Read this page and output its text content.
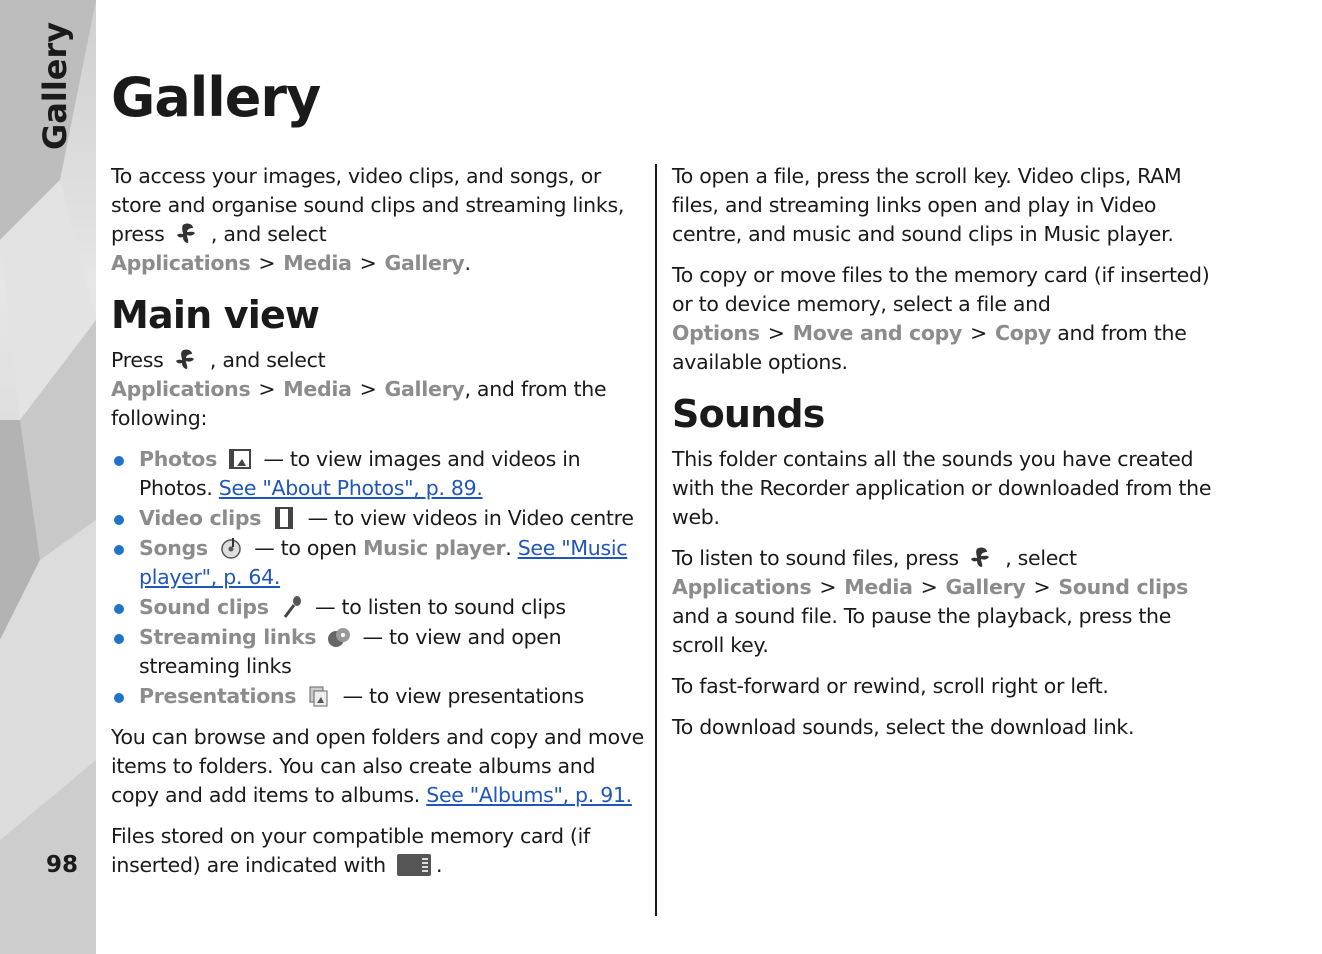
Gallery
98
Gallery

To access your images, video clips, and songs, or store and organise sound clips and streaming links, press , and select Applications > Media > Gallery.

Main view

Press , and select Applications > Media > Gallery, and from the following:

Photos — to view images and videos in Photos. See "About Photos", p. 89.
Video clips — to view videos in Video centre
Songs — to open Music player. See "Music player", p. 64.
Sound clips — to listen to sound clips
Streaming links — to view and open streaming links
Presentations — to view presentations

You can browse and open folders and copy and move items to folders. You can also create albums and copy and add items to albums. See "Albums", p. 91.

Files stored on your compatible memory card (if inserted) are indicated with .

To open a file, press the scroll key. Video clips, RAM files, and streaming links open and play in Video centre, and music and sound clips in Music player.

To copy or move files to the memory card (if inserted) or to device memory, select a file and Options > Move and copy > Copy and from the available options.

Sounds

This folder contains all the sounds you have created with the Recorder application or downloaded from the web.

To listen to sound files, press , select Applications > Media > Gallery > Sound clips and a sound file. To pause the playback, press the scroll key.

To fast-forward or rewind, scroll right or left.

To download sounds, select the download link.
